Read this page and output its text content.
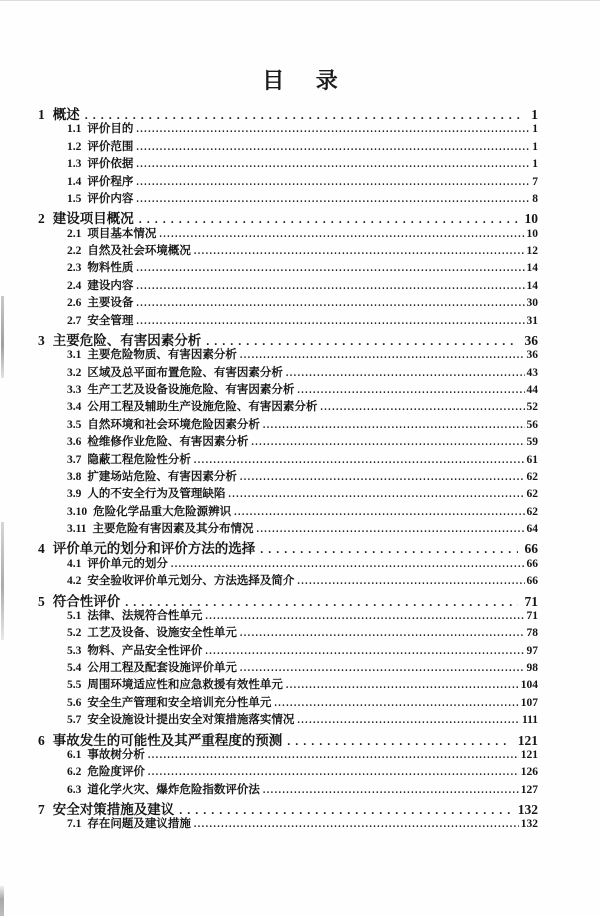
目 录
1 概述 .....	1
1.1 评价目的 .....	1
1.2 评价范围 .....	1
1.3 评价依据 .....	1
1.4 评价程序 .....	7
1.5 评价内容 .....	8
2 建设项目概况 .....	10
2.1 项目基本情况 .....	10
2.2 自然及社会环境概况 .....	12
2.3 物料性质 .....	14
2.4 建设内容 .....	14
2.6 主要设备 .....	30
2.7 安全管理 .....	31
3 主要危险、有害因素分析 .....	36
3.1 主要危险物质、有害因素分析 .....	36
3.2 区域及总平面布置危险、有害因素分析 .....	43
3.3 生产工艺及设备设施危险、有害因素分析 .....	44
3.4 公用工程及辅助生产设施危险、有害因素分析 .....	52
3.5 自然环境和社会环境危险因素分析 .....	56
3.6 检维修作业危险、有害因素分析 .....	59
3.7 隐蔽工程危险性分析 .....	61
3.8 扩建场站危险、有害因素分析 .....	62
3.9 人的不安全行为及管理缺陷 .....	62
3.10 危险化学品重大危险源辨识 .....	62
3.11 主要危险有害因素及其分布情况 .....	64
4 评价单元的划分和评价方法的选择 .....	66
4.1 评价单元的划分 .....	66
4.2 安全验收评价单元划分、方法选择及简介 .....	66
5 符合性评价 .....	71
5.1 法律、法规符合性单元 .....	71
5.2 工艺及设备、设施安全性单元 .....	78
5.3 物料、产品安全性评价 .....	97
5.4 公用工程及配套设施评价单元 .....	98
5.5 周围环境适应性和应急救援有效性单元 .....	104
5.6 安全生产管理和安全培训充分性单元 .....	107
5.7 安全设施设计提出安全对策措施落实情况 .....	111
6 事故发生的可能性及其严重程度的预测 .....	121
6.1 事故树分析 .....	121
6.2 危险度评价 .....	126
6.3 道化学火灾、爆炸危险指数评价法 .....	127
7 安全对策措施及建议 .....	132
7.1 存在问题及建议措施 .....	132
